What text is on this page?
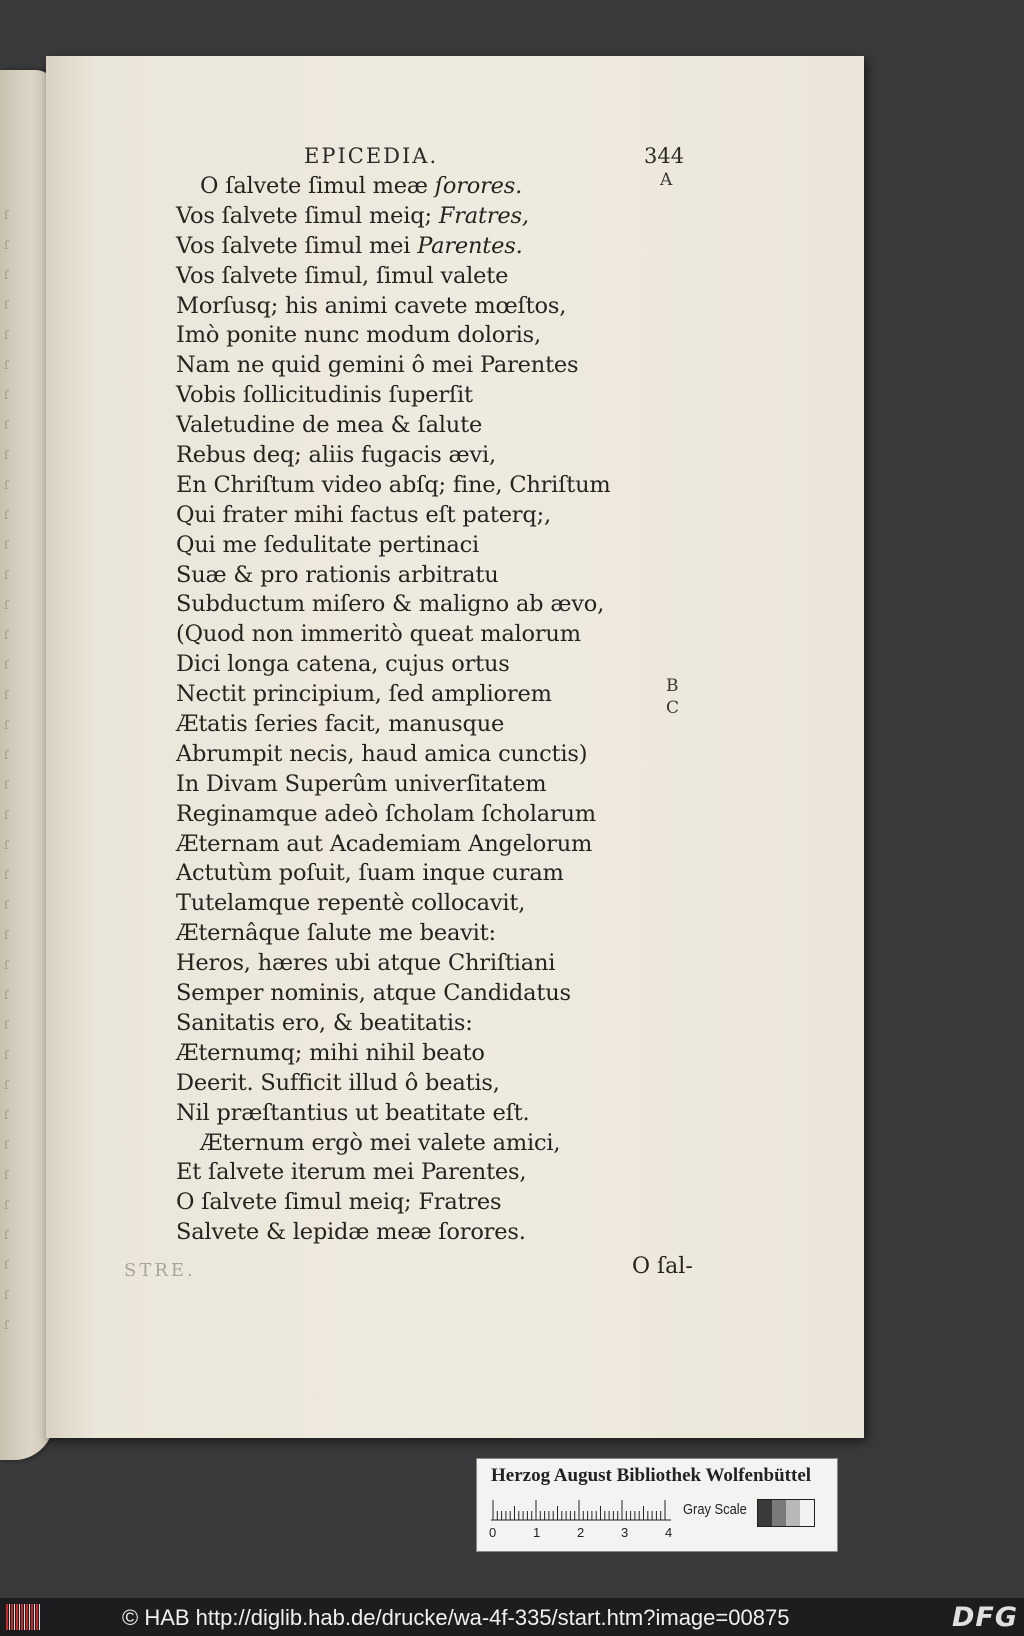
ſ
ſ
ſ
ſ
ſ
ſ
ſ
ſ
ſ
ſ
ſ
ſ
ſ
ſ
ſ
ſ
ſ
ſ
ſ
ſ
ſ
ſ
ſ
ſ
ſ
ſ
ſ
ſ
ſ
ſ
ſ
ſ
ſ
ſ
ſ
ſ
ſ
ſ
EPICEDIA.	344
O ſalvete ſimul meæ ſorores.
Vos ſalvete ſimul meiq; Fratres,
Vos ſalvete ſimul mei Parentes.
Vos ſalvete ſimul, ſimul valete
Morſusq; his animi cavete mœſtos,
Imò ponite nunc modum doloris,
Nam ne quid gemini ô mei Parentes
Vobis ſollicitudinis ſuperſit
Valetudine de mea & ſalute
Rebus deq; aliis fugacis ævi,
En Chriſtum video abſq; fine, Chriſtum
Qui frater mihi factus eſt paterq;,
Qui me ſedulitate pertinaci
Suæ & pro rationis arbitratu
Subductum miſero & maligno ab ævo,
(Quod non immeritò queat malorum
Dici longa catena, cujus ortus
Nectit principium, ſed ampliorem
Ætatis ſeries facit, manusque
Abrumpit necis, haud amica cunctis)
In Divam Superûm univerſitatem
Reginamque adeò ſcholam ſcholarum
Æternam aut Academiam Angelorum
Actutùm poſuit, ſuam inque curam
Tutelamque repentè collocavit,
Æternâque ſalute me beavit:
Heros, hæres ubi atque Chriſtiani
Semper nominis, atque Candidatus
Sanitatis ero, & beatitatis:
Æternumq; mihi nihil beato
Deerit. Sufficit illud ô beatis,
Nil præſtantius ut beatitate eſt.
Æternum ergò mei valete amici,
Et ſalvete iterum mei Parentes,
O ſalvete ſimul meiq; Fratres
Salvete & lepidæ meæ ſorores.
A
B
C
O ſal-
STRE.
Herzog August Bibliothek Wolfenbüttel
0	1	2	3	4
Gray Scale
© HAB http://diglib.hab.de/drucke/wa-4f-335/start.htm?image=00875	DFG
